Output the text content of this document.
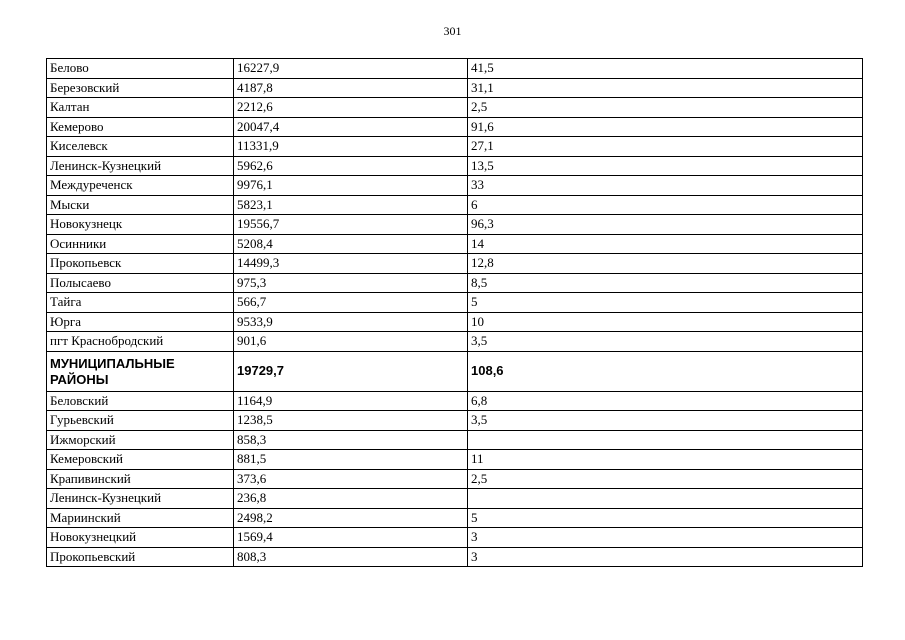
301
Белово	16227,9	41,5
Березовский	4187,8	31,1
Калтан	2212,6	2,5
Кемерово	20047,4	91,6
Киселевск	11331,9	27,1
Ленинск-Кузнецкий	5962,6	13,5
Междуреченск	9976,1	33
Мыски	5823,1	6
Новокузнецк	19556,7	96,3
Осинники	5208,4	14
Прокопьевск	14499,3	12,8
Полысаево	975,3	8,5
Тайга	566,7	5
Юрга	9533,9	10
пгт Краснобродский	901,6	3,5
МУНИЦИПАЛЬНЫЕ РАЙОНЫ	19729,7	108,6
Беловский	1164,9	6,8
Гурьевский	1238,5	3,5
Ижморский	858,3	
Кемеровский	881,5	11
Крапивинский	373,6	2,5
Ленинск-Кузнецкий	236,8	
Мариинский	2498,2	5
Новокузнецкий	1569,4	3
Прокопьевский	808,3	3
